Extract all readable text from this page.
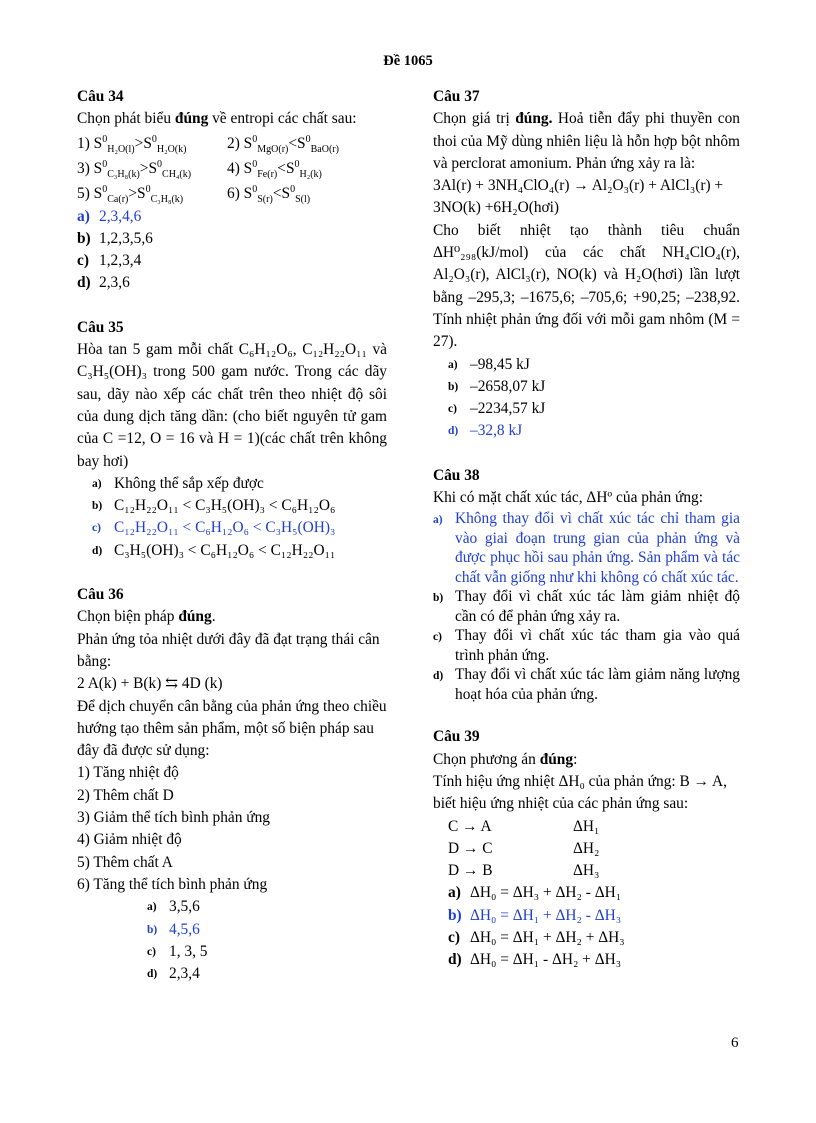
Đề 1065
Câu 34
Chọn phát biểu đúng về entropi các chất sau:
1) $S^0_{H_2O(l)}>S^0_{H_2O(k)}$	2) $S^0_{MgO(r)}<S^0_{BaO(r)}$
3) $S^0_{C_3H_8(k)}>S^0_{CH_4(k)}$	4) $S^0_{Fe(r)}<S^0_{H_2(k)}$
5) $S^0_{Ca(r)}>S^0_{C_3H_8(k)}$	6) $S^0_{S(r)}<S^0_{S(l)}$
a) 2,3,4,6
b) 1,2,3,5,6
c) 1,2,3,4
d) 2,3,6
Câu 35
Hòa tan 5 gam mỗi chất C₆H₁₂O₆, C₁₂H₂₂O₁₁ và C₃H₅(OH)₃ trong 500 gam nước. Trong các dãy sau, dãy nào xếp các chất trên theo nhiệt độ sôi của dung dịch tăng dần: (cho biết nguyên tử gam của C =12, O = 16 và H = 1)(các chất trên không bay hơi)
a) Không thể sắp xếp được
b) C₁₂H₂₂O₁₁ < C₃H₅(OH)₃ < C₆H₁₂O₆
c) C₁₂H₂₂O₁₁ < C₆H₁₂O₆ < C₃H₅(OH)₃
d) C₃H₅(OH)₃ < C₆H₁₂O₆ < C₁₂H₂₂O₁₁
Câu 36
Chọn biện pháp đúng.
Phản ứng tỏa nhiệt dưới đây đã đạt trạng thái cân bằng:
2 A(k) + B(k) ⇆ 4D (k)
Để dịch chuyển cân bằng của phản ứng theo chiều hướng tạo thêm sản phẩm, một số biện pháp sau đây đã được sử dụng:
1) Tăng nhiệt độ
2) Thêm chất D
3) Giảm thể tích bình phản ứng
4) Giảm nhiệt độ
5) Thêm chất A
6) Tăng thể tích bình phản ứng
a) 3,5,6
b) 4,5,6
c) 1, 3, 5
d) 2,3,4
Câu 37
Chọn giá trị đúng. Hoả tiễn đẩy phi thuyền con thoi của Mỹ dùng nhiên liệu là hỗn hợp bột nhôm và perclorat amonium. Phản ứng xảy ra là:
3Al(r) + 3NH₄ClO₄(r) → Al₂O₃(r) + AlCl₃(r) + 3NO(k) +6H₂O(hơi)
Cho biết nhiệt tạo thành tiêu chuẩn ΔH⁰₂₉₈(kJ/mol) của các chất NH₄ClO₄(r), Al₂O₃(r), AlCl₃(r), NO(k) và H₂O(hơi) lần lượt bằng –295,3; –1675,6; –705,6; +90,25; –238,92. Tính nhiệt phản ứng đối với mỗi gam nhôm (M = 27).
a) –98,45 kJ
b) –2658,07 kJ
c) –2234,57 kJ
d) –32,8 kJ
Câu 38
Khi có mặt chất xúc tác, ΔHº của phản ứng:
a) Không thay đổi vì chất xúc tác chỉ tham gia vào giai đoạn trung gian của phản ứng và được phục hồi sau phản ứng. Sản phẩm và tác chất vẫn giống như khi không có chất xúc tác.
b) Thay đổi vì chất xúc tác làm giảm nhiệt độ cần có để phản ứng xảy ra.
c) Thay đổi vì chất xúc tác tham gia vào quá trình phản ứng.
d) Thay đổi vì chất xúc tác làm giảm năng lượng hoạt hóa của phản ứng.
Câu 39
Chọn phương án đúng:
Tính hiệu ứng nhiệt ΔH₀ của phản ứng: B → A, biết hiệu ứng nhiệt của các phản ứng sau:
C → A	ΔH₁
D → C	ΔH₂
D → B	ΔH₃
a) ΔH₀ = ΔH₃ + ΔH₂ - ΔH₁
b) ΔH₀ = ΔH₁ + ΔH₂ - ΔH₃
c) ΔH₀ = ΔH₁ + ΔH₂ + ΔH₃
d) ΔH₀ = ΔH₁ - ΔH₂ + ΔH₃
6
